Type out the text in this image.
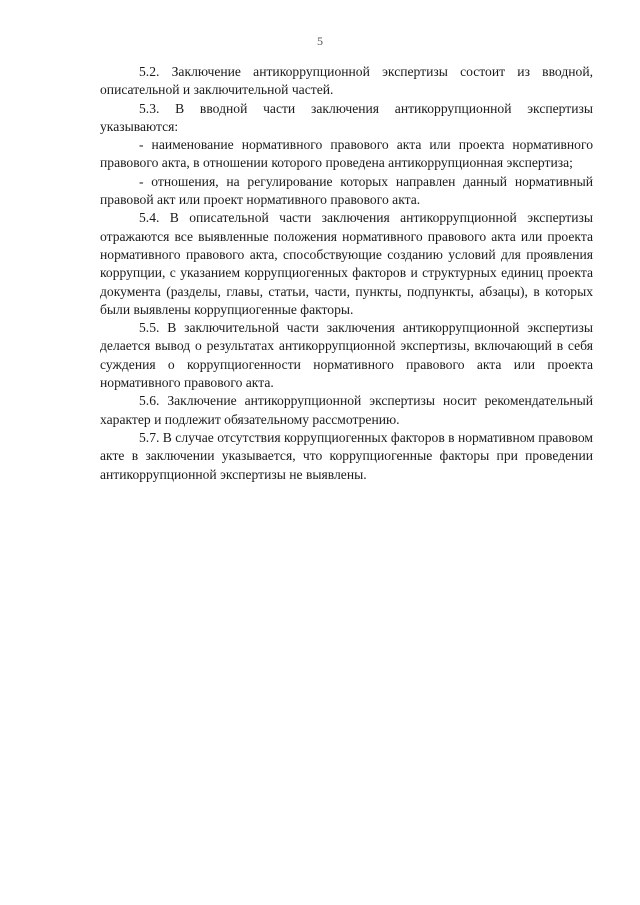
5

5.2. Заключение антикоррупционной экспертизы состоит из вводной, описательной и заключительной частей.

5.3. В вводной части заключения антикоррупционной экспертизы указываются:

- наименование нормативного правового акта или проекта нормативного правового акта, в отношении которого проведена антикоррупционная экспертиза;

- отношения, на регулирование которых направлен данный нормативный правовой акт или проект нормативного правового акта.

5.4. В описательной части заключения антикоррупционной экспертизы отражаются все выявленные положения нормативного правового акта или проекта нормативного правового акта, способствующие созданию условий для проявления коррупции, с указанием коррупциогенных факторов и структурных единиц проекта документа (разделы, главы, статьи, части, пункты, подпункты, абзацы), в которых были выявлены коррупциогенные факторы.

5.5. В заключительной части заключения антикоррупционной экспертизы делается вывод о результатах антикоррупционной экспертизы, включающий в себя суждения о коррупциогенности нормативного правового акта или проекта нормативного правового акта.

5.6. Заключение антикоррупционной экспертизы носит рекомендательный характер и подлежит обязательному рассмотрению.

5.7. В случае отсутствия коррупциогенных факторов в нормативном правовом акте в заключении указывается, что коррупциогенные факторы при проведении антикоррупционной экспертизы не выявлены.
